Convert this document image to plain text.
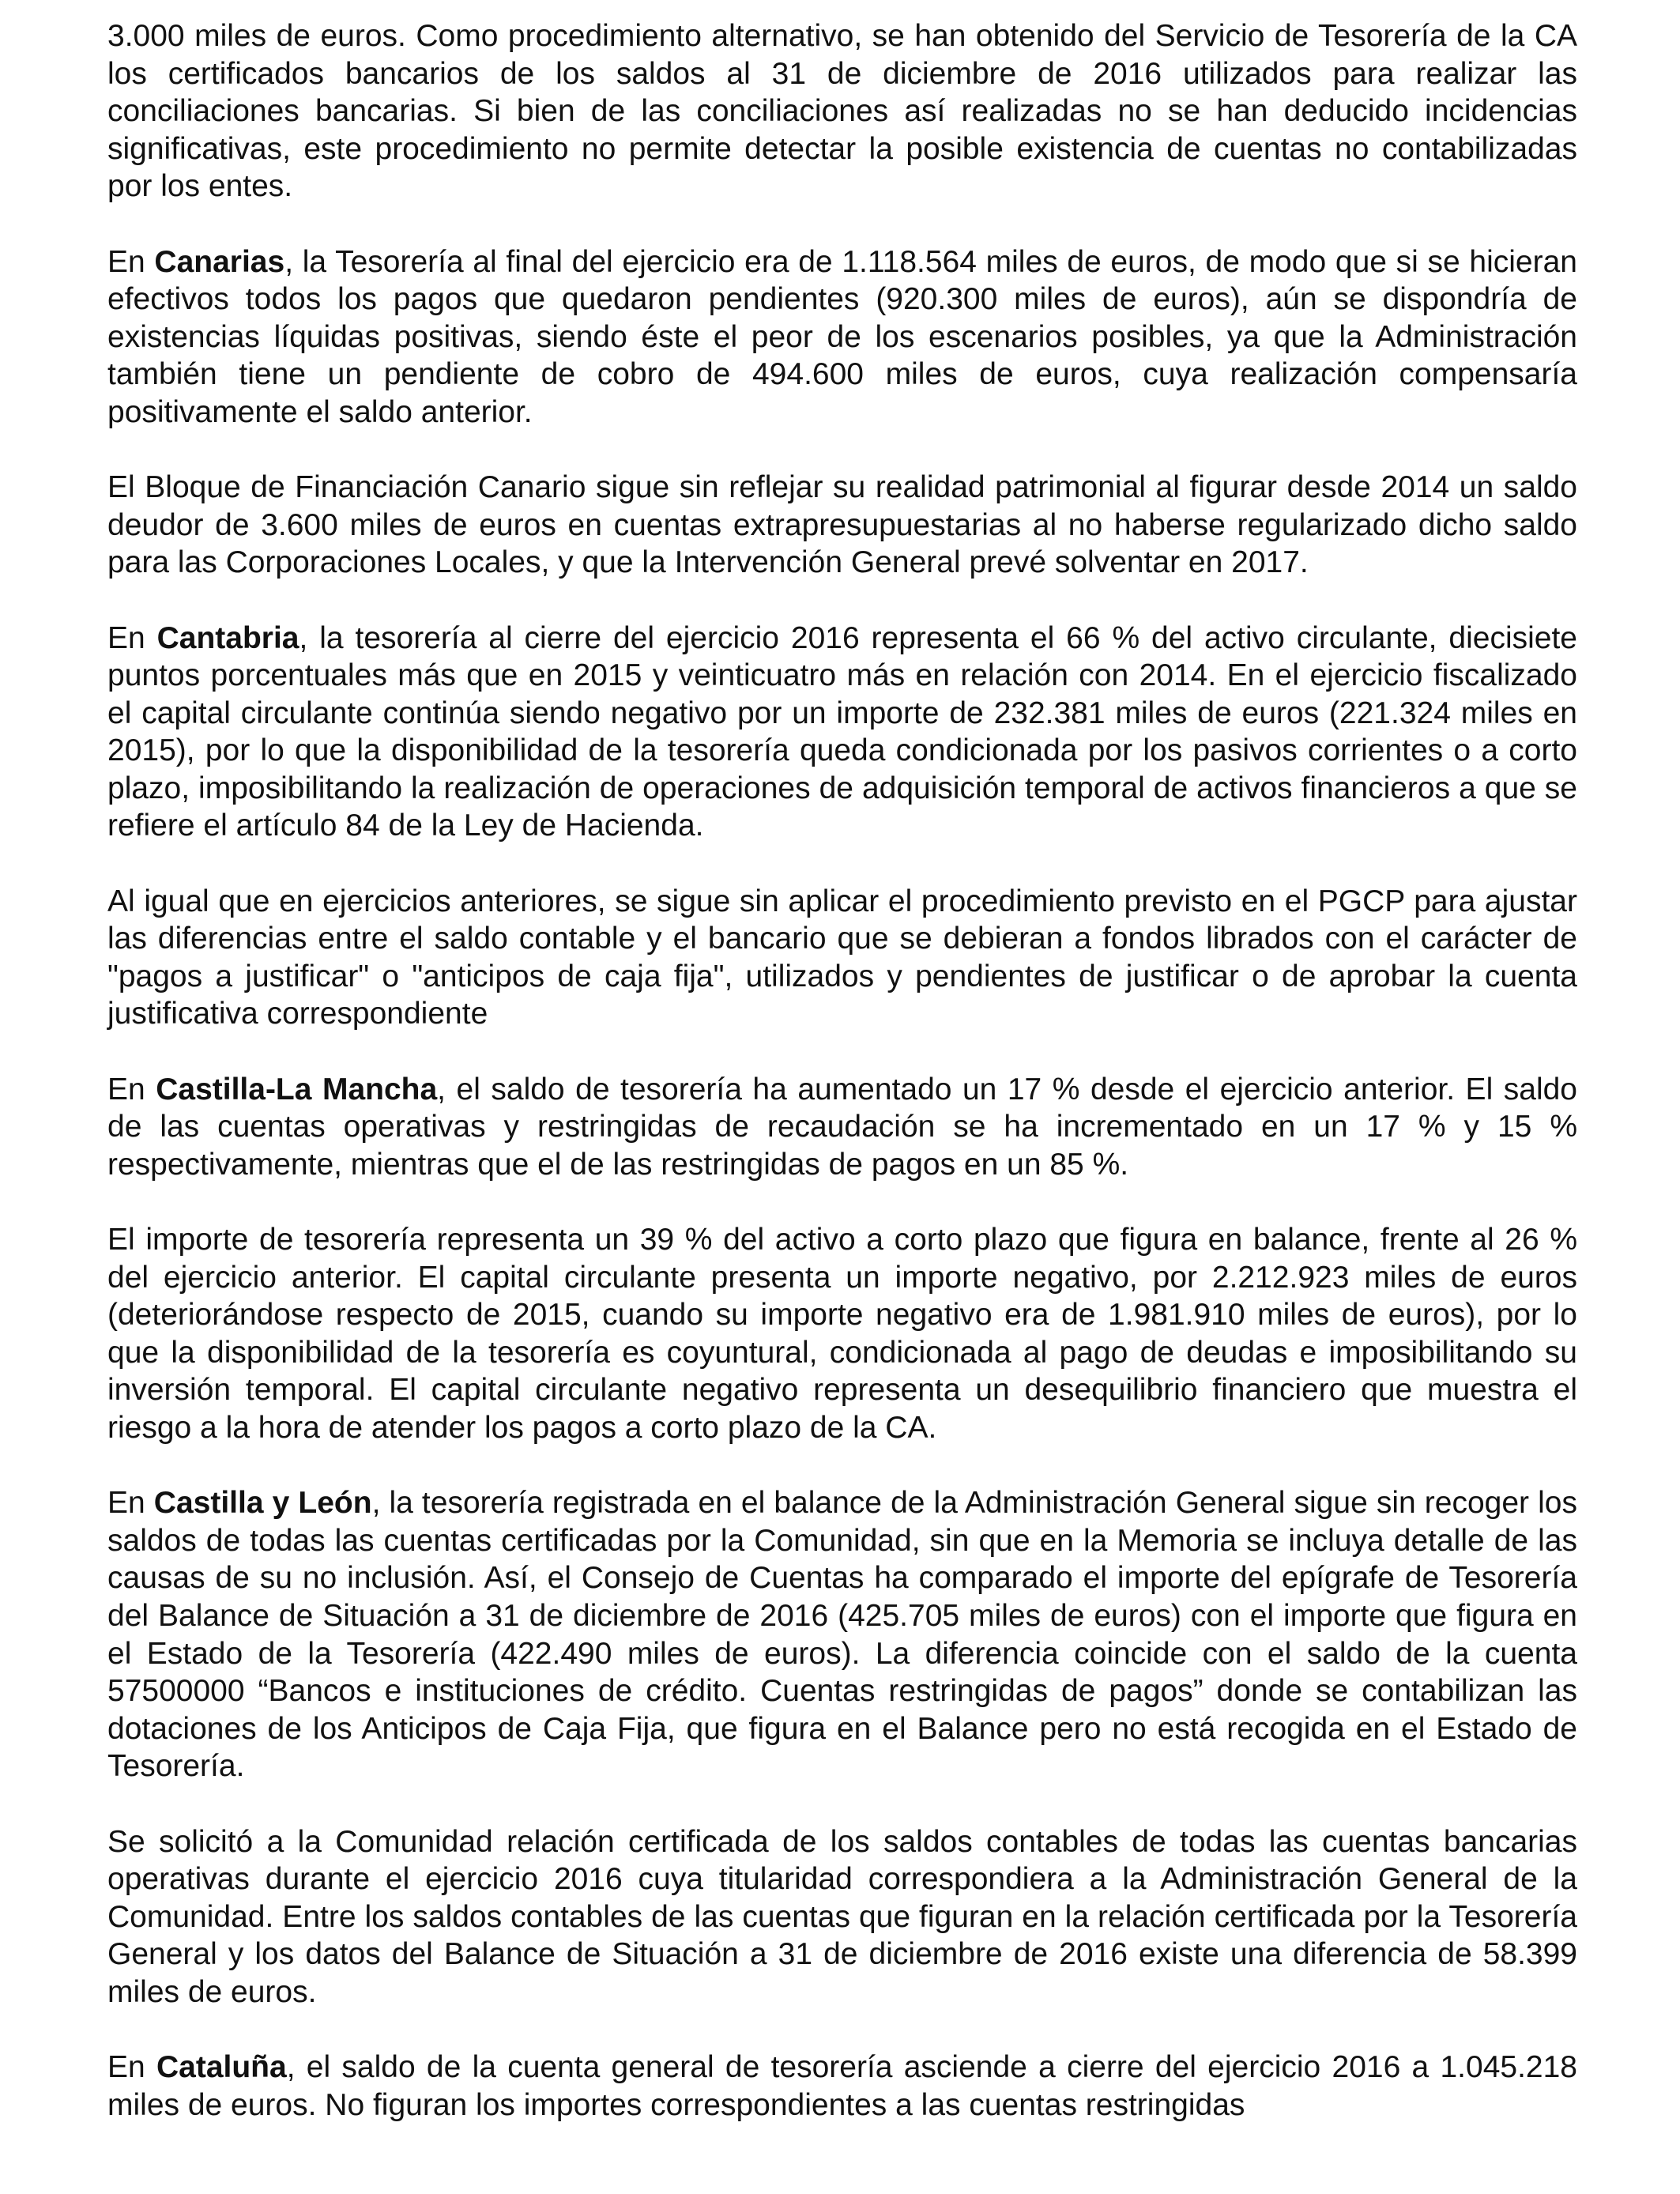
3.000 miles de euros. Como procedimiento alternativo, se han obtenido del Servicio de Tesorería de la CA los certificados bancarios de los saldos al 31 de diciembre de 2016 utilizados para realizar las conciliaciones bancarias. Si bien de las conciliaciones así realizadas no se han deducido incidencias significativas, este procedimiento no permite detectar la posible existencia de cuentas no contabilizadas por los entes.

En Canarias, la Tesorería al final del ejercicio era de 1.118.564 miles de euros, de modo que si se hicieran efectivos todos los pagos que quedaron pendientes (920.300 miles de euros), aún se dispondría de existencias líquidas positivas, siendo éste el peor de los escenarios posibles, ya que la Administración también tiene un pendiente de cobro de 494.600 miles de euros, cuya realización compensaría positivamente el saldo anterior.

El Bloque de Financiación Canario sigue sin reflejar su realidad patrimonial al figurar desde 2014 un saldo deudor de 3.600 miles de euros en cuentas extrapresupuestarias al no haberse regularizado dicho saldo para las Corporaciones Locales, y que la Intervención General prevé solventar en 2017.

En Cantabria, la tesorería al cierre del ejercicio 2016 representa el 66 % del activo circulante, diecisiete puntos porcentuales más que en 2015 y veinticuatro más en relación con 2014. En el ejercicio fiscalizado el capital circulante continúa siendo negativo por un importe de 232.381 miles de euros (221.324 miles en 2015), por lo que la disponibilidad de la tesorería queda condicionada por los pasivos corrientes o a corto plazo, imposibilitando la realización de operaciones de adquisición temporal de activos financieros a que se refiere el artículo 84 de la Ley de Hacienda.

Al igual que en ejercicios anteriores, se sigue sin aplicar el procedimiento previsto en el PGCP para ajustar las diferencias entre el saldo contable y el bancario que se debieran a fondos librados con el carácter de "pagos a justificar" o "anticipos de caja fija", utilizados y pendientes de justificar o de aprobar la cuenta justificativa correspondiente

En Castilla-La Mancha, el saldo de tesorería ha aumentado un 17 % desde el ejercicio anterior. El saldo de las cuentas operativas y restringidas de recaudación se ha incrementado en un 17 % y 15 % respectivamente, mientras que el de las restringidas de pagos en un 85 %.

El importe de tesorería representa un 39 % del activo a corto plazo que figura en balance, frente al 26 % del ejercicio anterior. El capital circulante presenta un importe negativo, por 2.212.923 miles de euros (deteriorándose respecto de 2015, cuando su importe negativo era de 1.981.910 miles de euros), por lo que la disponibilidad de la tesorería es coyuntural, condicionada al pago de deudas e imposibilitando su inversión temporal. El capital circulante negativo representa un desequilibrio financiero que muestra el riesgo a la hora de atender los pagos a corto plazo de la CA.

En Castilla y León, la tesorería registrada en el balance de la Administración General sigue sin recoger los saldos de todas las cuentas certificadas por la Comunidad, sin que en la Memoria se incluya detalle de las causas de su no inclusión. Así, el Consejo de Cuentas ha comparado el importe del epígrafe de Tesorería del Balance de Situación a 31 de diciembre de 2016 (425.705 miles de euros) con el importe que figura en el Estado de la Tesorería (422.490 miles de euros). La diferencia coincide con el saldo de la cuenta 57500000 “Bancos e instituciones de crédito. Cuentas restringidas de pagos” donde se contabilizan las dotaciones de los Anticipos de Caja Fija, que figura en el Balance pero no está recogida en el Estado de Tesorería.

Se solicitó a la Comunidad relación certificada de los saldos contables de todas las cuentas bancarias operativas durante el ejercicio 2016 cuya titularidad correspondiera a la Administración General de la Comunidad. Entre los saldos contables de las cuentas que figuran en la relación certificada por la Tesorería General y los datos del Balance de Situación a 31 de diciembre de 2016 existe una diferencia de 58.399 miles de euros.

En Cataluña, el saldo de la cuenta general de tesorería asciende a cierre del ejercicio 2016 a 1.045.218 miles de euros. No figuran los importes correspondientes a las cuentas restringidas
